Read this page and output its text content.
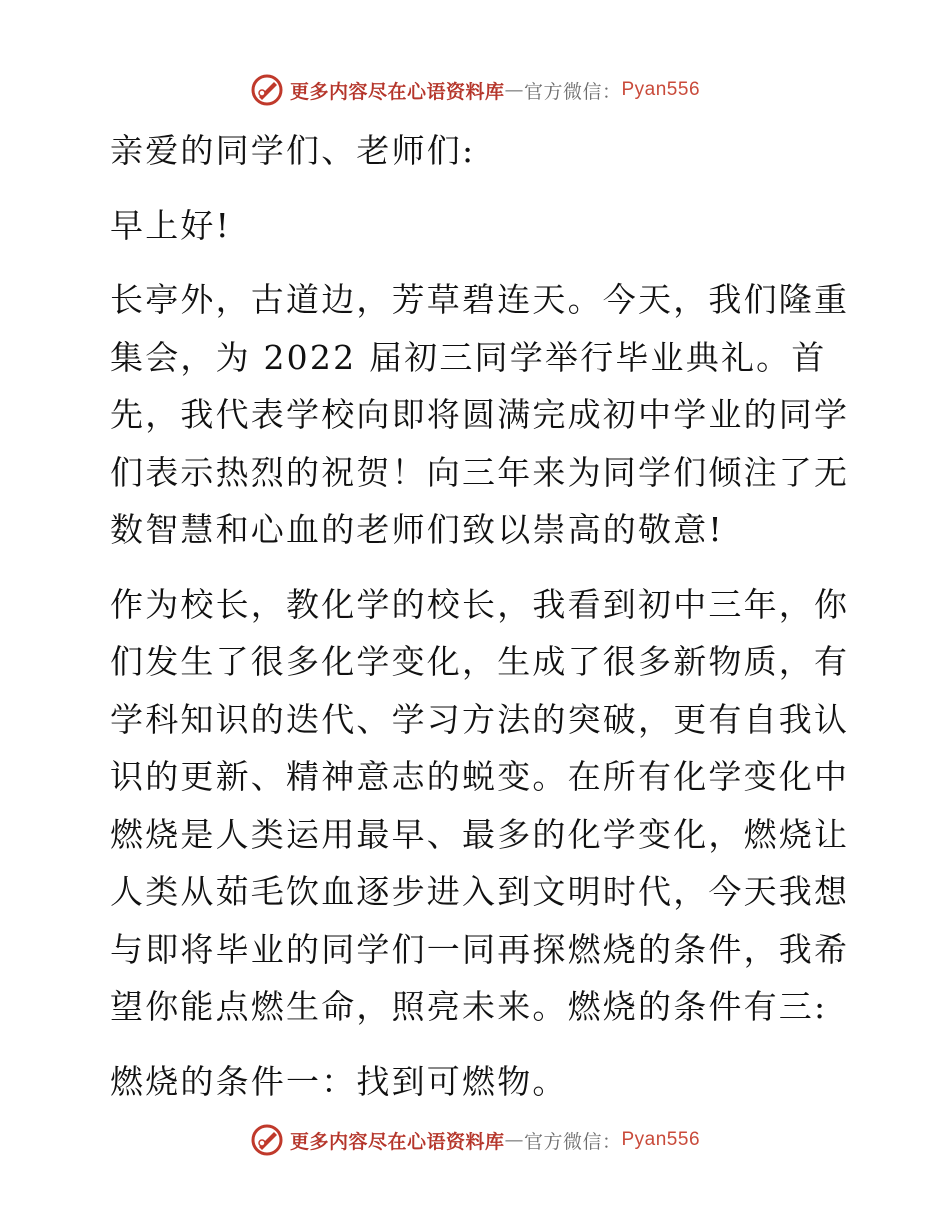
更多内容尽在心语资料库 — 官方微信： Pyan556

亲爱的同学们、老师们:

早上好!

长亭外，古道边，芳草碧连天。今天，我们隆重集会，为 2022 届初三同学举行毕业典礼。首先，我代表学校向即将圆满完成初中学业的同学们表示热烈的祝贺！向三年来为同学们倾注了无数智慧和心血的老师们致以崇高的敬意!

作为校长，教化学的校长，我看到初中三年，你们发生了很多化学变化，生成了很多新物质，有学科知识的迭代、学习方法的突破，更有自我认识的更新、精神意志的蜕变。在所有化学变化中燃烧是人类运用最早、最多的化学变化，燃烧让人类从茹毛饮血逐步进入到文明时代，今天我想与即将毕业的同学们一同再探燃烧的条件，我希望你能点燃生命，照亮未来。燃烧的条件有三:

燃烧的条件一：找到可燃物。

更多内容尽在心语资料库 — 官方微信： Pyan556
